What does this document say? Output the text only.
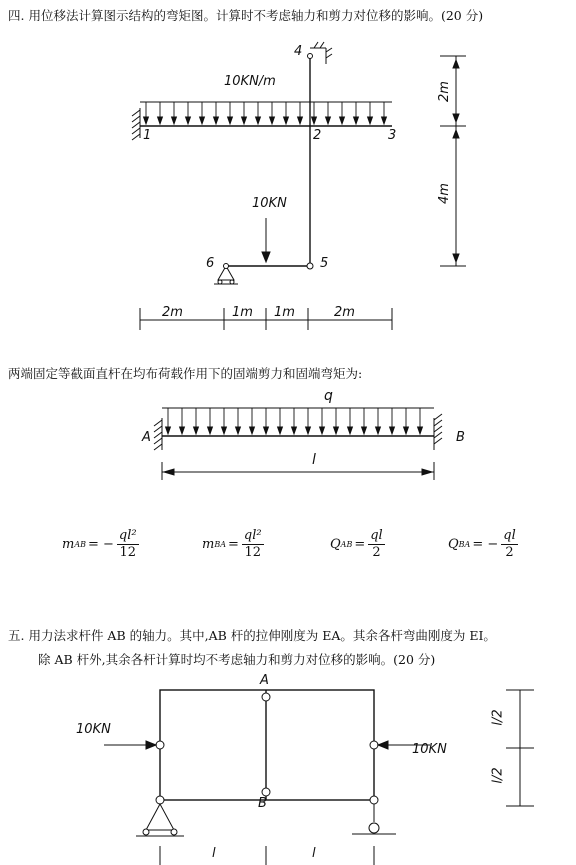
四. 用位移法计算图示结构的弯矩图。计算时不考虑轴力和剪力对位移的影响。(20 分)
10KN/m
10KN
1	2	3
4
5
6
2m
4m
2m	1m 1m	2m
两端固定等截面直杆在均布荷载作用下的固端剪力和固端弯矩为:
q
A	B
l
m AB = − $\frac{\text{ql²}}{12}$	m BA = $\frac{\text{ql²}}{12}$	Q AB = $\frac{ql}{2}$	Q BA = − $\frac{ql}{2}$
五. 用力法求杆件 AB 的轴力。其中,AB 杆的拉伸刚度为 EA。其余各杆弯曲刚度为 EI。
除 AB 杆外,其余各杆计算时均不考虑轴力和剪力对位移的影响。(20 分)
A
B
10KN
10KN
l	l
l/2
l/2
